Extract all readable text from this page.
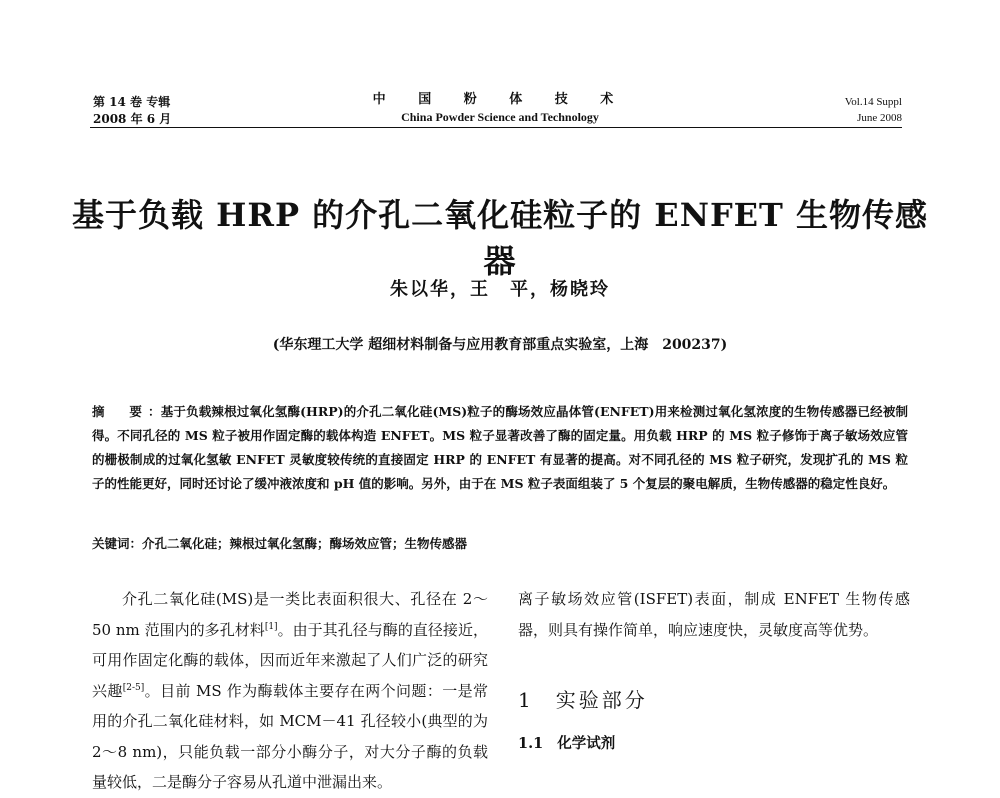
第 14 卷 专辑
2008 年 6 月
中 国 粉 体 技 术
China Powder Science and Technology
Vol.14 Suppl
June 2008
基于负载 HRP 的介孔二氧化硅粒子的 ENFET 生物传感器
朱以华，王　平，杨晓玲
(华东理工大学 超细材料制备与应用教育部重点实验室，上海　200237)
摘　要：基于负载辣根过氧化氢酶(HRP)的介孔二氧化硅(MS)粒子的酶场效应晶体管(ENFET)用来检测过氧化氢浓度的生物传感器已经被制得。不同孔径的 MS 粒子被用作固定酶的载体构造 ENFET。MS 粒子显著改善了酶的固定量。用负载 HRP 的 MS 粒子修饰于离子敏场效应管的栅极制成的过氧化氢敏 ENFET 灵敏度较传统的直接固定 HRP 的 ENFET 有显著的提高。对不同孔径的 MS 粒子研究，发现扩孔的 MS 粒子的性能更好，同时还讨论了缓冲液浓度和 pH 值的影响。另外，由于在 MS 粒子表面组装了 5 个复层的聚电解质，生物传感器的稳定性良好。
关键词：介孔二氧化硅；辣根过氧化氢酶；酶场效应管；生物传感器

介孔二氧化硅(MS)是一类比表面积很大、孔径在 2～50 nm 范围内的多孔材料[1]。由于其孔径与酶的直径接近，可用作固定化酶的载体，因而近年来激起了人们广泛的研究兴趣[2-5]。目前 MS 作为酶载体主要存在两个问题：一是常用的介孔二氧化硅材料，如 MCM－41 孔径较小(典型的为 2～8 nm)，只能负载一部分小酶分子，对大分子酶的负载量较低，二是酶分子容易从孔道中泄漏出来。

离子敏场效应管(ISFET)表面，制成 ENFET 生物传感器，则具有操作简单，响应速度快，灵敏度高等优势。

1 实验部分
1.1 化学试剂
